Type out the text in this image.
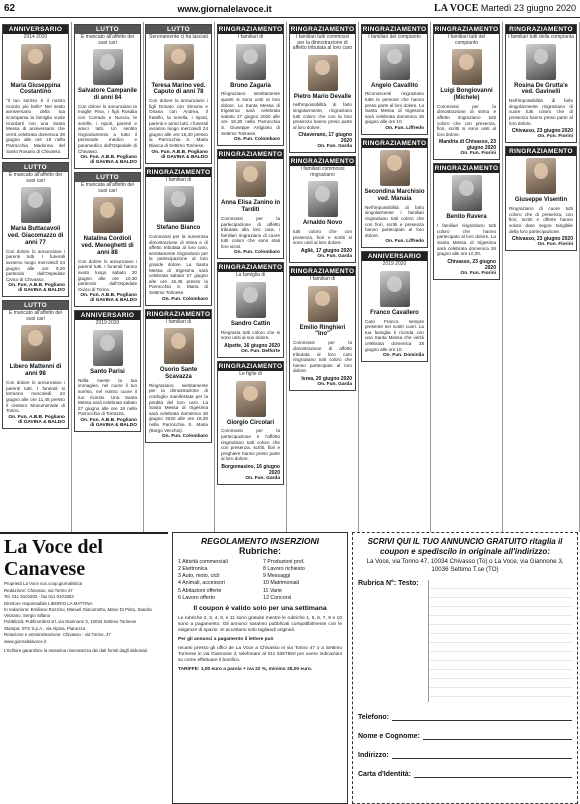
62	www.giornalelavoce.it	LA VOCE Martedì 23 giugno 2020
ANNIVERSARIO
2014 2020
Maria Giuseppina Costantino
"Il tuo sorriso è il nostro ricordo più bello" Nel sesto anniversario della tua scomparsa la famiglia vuole ricordarti con una Santa Messa di anniversario che verrà celebrata domenica 28 giugno alle ore 18 nella Parrocchia Madonna del Santo Rosario di Chivasso.
LUTTO
È mancato all'affetto dei suoi cari
Maria Buttacavoli ved. Giacomazzo di anni 77
Con dolore lo annunciano i parenti tutti. I funerali avranno luogo mercoledì 24 giugno alle ore 9,30 partendo dall'Ospedale Civico di Chivasso.
On. Fun. A.B.B. Pogliano di GAVINA & BALDO
LUTTO
È mancato all'affetto dei suoi cari
Libero Mattenni di anni 98
Con dolore lo annunciano i parenti tutti. I funerali si terranno mercoledì 24 giugno alle ore 11,45 presso il cimitero Monumentale di Torino.
On. Fun. A.B.B. Pogliano di GAVINA & BALDO
LUTTO
È mancato all'affetto dei suoi cari
Salvatore Campanile di anni 84
Con dolore lo annunciano la moglie Pina, i figli Rosalia con Corrado e Nuccia, le sorelle, i nipoti, parenti e amici tutti. Un sentito ringraziamento a tutto il personale medico e paramedico dell'Ospedale di Chivasso.
On. Fun. A.B.B. Pogliano di GAVINA & BALDO
LUTTO
È mancata all'affetto dei suoi cari
Natalina Cordioli ved. Meneghetti di anni 88
Con dolore lo annunciano i parenti tutti. I funerali hanno avuto luogo sabato 20 giugno alle ore 10,30 partendo dall'Ospedale Civico di Torino.
On. Fun. A.B.B. Pogliano di GAVINA & BALDO
ANNIVERSARIO
2019 2020
Santo Parisi
Nella mente la tua immagine, nel cuore il tuo sorriso, nel nostro cuore il tuo ricordo. Una Santa Messa sarà celebrata sabato 27 giugno alle ore 18 nella Parrocchia di Torrazza.
On. Fun. A.B.B. Pogliano di GAVINA & BALDO
LUTTO
Serenamente ci ha lasciati
Teresa Marino ved. Caputo di anni 78
Con dolore lo annunciano i figli Donato con Simona e Oriana con Andrea, il fratello, la sorella, i nipoti, parenti e amici tutti. I funerali avranno luogo mercoledì 24 giugno alle ore 15,30 presso la Parrocchia S. Maria Bianca di Settimo Torinese.
On. Fun. A.B.B. Pogliano di GAVINA & BALDO
RINGRAZIAMENTO
I familiari di
Stefano Bianco
Commossi per la numerosa dimostrazione di stima e di affetto tributata al loro caro, sentitamente ringraziano per la partecipazione al loro grande dolore. La Santa Messa di trigesima sarà celebrata sabato 27 giugno alle ore 15,45 presso la Parrocchia S. Maria di Settimo Torinese.
On. Fun. Colombaro
RINGRAZIAMENTO
I familiari di
Osorio Sante Scavazza
Ringraziano sentitamente per la dimostrazione di cordoglio manifestata per la perdita del loro caro. La Santa Messa di trigesima sarà celebrata domenica 28 giugno 2020 alle ore 18,30 nella Parrocchia S. Maria (Borgo Vecchio).
On. Fun. Colombaro
RINGRAZIAMENTO
I familiari di
Bruno Zagaria
Ringraziano sentitamente quanti si sono uniti al loro dolore. La Santa Messa di trigesima sarà celebrata sabato 27 giugno 2020 alle ore 18,30 nella Parrocchia S. Giuseppe Artigiano di Settimo Torinese.
On. Fun. Colombaro
RINGRAZIAMENTO
Anna Elisa Zanino in Tarditi
Commossi per la partecipazione di affetto tributata alla loro cara, i familiari ringraziano di cuore tutti coloro che sono stati loro vicini.
On. Fun. Colombaro
RINGRAZIAMENTO
La famiglia di
Sandro Cattin
Ringrazia tutti coloro che si sono uniti al suo dolore.
Alpette, 16 giugno 2020
On. Fun. Delforte
RINGRAZIAMENTO
Le figlie di
Giorgio Circolari
Commossi per la partecipazione e l'affetto ringraziano tutti coloro che con presenza, scritti, fiori e preghiere hanno preso parte al loro dolore.
Borgomasino, 16 giugno 2020
On. Fun. Garda
RINGRAZIAMENTO
I familiari tutti commossi per la dimostrazione di affetto tributata al loro caro
Pietro Mario Devalle
nell'impossibilità di farlo singolarmente, ringraziano tutti coloro che con la loro presenza hanno preso parte al loro dolore.
Chiaverano, 17 giugno 2020
On. Fun. Garda
RINGRAZIAMENTO
I familiari commossi ringraziano
Arnaldo Novo
tutti coloro che con presenza, fiori e scritti si sono uniti al loro dolore.
Agliè, 17 giugno 2020
On. Fun. Garda
RINGRAZIAMENTO
I familiari di
Emilio Ringhieri "Ino"
Commossi per la dimostrazione di affetto tributata al loro caro ringraziano tutti coloro che hanno partecipato al loro dolore.
Ivrea, 20 giugno 2020
On. Fun. Garda
RINGRAZIAMENTO
I familiari del compianto
Angelo Cavallito
Riconoscenti ringraziano tutte le persone che hanno preso parte al loro dolore. La Santa Messa di trigesima sarà celebrata domenica 28 giugno alle ore 10.
On. Fun. Liffredo
RINGRAZIAMENTO
Secondina Marchisio ved. Manaia
Nell'impossibilità di farlo singolarmente i familiari ringraziano tutti coloro che con fiori, scritti e presenza hanno partecipato al loro dolore.
On. Fun. Liffredo
ANNIVERSARIO
2019 2020
Franco Cavallero
Caro Franco, sempre presente nei nostri cuori. La tua famiglia ti ricorda con una Santa Messa che verrà celebrata domenica 28 giugno alle ore 10.
On. Fun. Dominila
RINGRAZIAMENTO
I familiari tutti del compianto
Luigi Bongiovanni (Michele)
Commossi per la dimostrazione di stima e affetto ringraziano tutti coloro che con presenza, fiori, scritti si sono uniti al loro dolore.
Mandria di Chivasso, 23 giugno 2020
On. Fun. Fiorini
RINGRAZIAMENTO
Benito Ravera
I familiari ringraziano tutti coloro che hanno partecipato al loro dolore. La Santa Messa di trigesima sarà celebrata domenica 28 giugno alle ore 10,30.
Chivasso, 23 giugno 2020
On. Fun. Fiorini
RINGRAZIAMENTO
I familiari tutti della compianta
Rosina De Grutta'e ved. Gavinelli
Nell'impossibilità di farlo singolarmente ringraziano di cuore tutti coloro che di presenza hanno preso parte al loro dolore.
Chivasso, 23 giugno 2020
On. Fun. Fiorini
RINGRAZIAMENTO
Giuseppe Visentin
Ringraziano di cuore tutti coloro che di presenza, con fiori, scritti e offerte hanno voluto dare segno tangibile della loro partecipazione.
Chivasso, 23 giugno 2020
On. Fun. Fiorini
La Voce del Canavese
Proprietà La Voce soc.coop.giornalistica
Redazione: Chivasso, via Torino 47
Tel. 011 9101802 - fax 011 9101803
Direttore responsabile LIBORIO LA MATTINA
In redazione: Emiliano Rozzino, Manuel Giacometto, Mario Di Pinto, Sandra Veiziano, Sergio Sillano
Pubblicità: Publinordest srl, via Giannone 3, 10034 Settimo Torinese
Stampa: STS S.p.A., via Alpina, Pianezza
Relazione e amministrazione: Chivasso - via Torino, 47
www.giornalelavoce.it
L'Editore garantisce la massima riservatezza dei dati forniti dagli abbonati.
REGOLAMENTO INSERZIONI
Rubriche:
1 Attività commerciali
2 Elettronica
3 Auto, moto, cicli
4 Animali, accessori
5 Abitazioni offerte
6 Lavoro offerto
7 Produzioni prof.
8 Lavoro richiesto
9 Messaggi
10 Matrimoniali
11 Varie
12 Concorsi
Il coupon è valido solo per una settimana
Le rubriche 2, 3, 4, 8, e 11 sono gratuite mentre le rubriche 1, 5, 6, 7, 9 e 10 sono a pagamento. Gli annunci saranno pubblicati compatibilmente con le esigenze di spazio. Si accettano solo tagliandi originali.
Per gli annunci a pagamento il lettore può
recarsi presso gli uffici de La Voce a Chivasso in via Torino 47 o a Settimo Torinese in via Giannone 3, telefonare al 011 5367550 per avere indicazioni su come effettuare il bonifico.
TARIFFE: 1,00 euro a parola + iva 22 %, minimo 25,00 euro.
SCRIVI QUI IL TUO ANNUNCIO GRATUITO ritaglia il coupon e spediscilo in originale all'indirizzo:
La Voce, via Torino 47, 10034 Chivasso (To) o La Voce, via Giannone 3, 10036 Settimo T.se (TO)
Rubrica N°: Testo:
Telefono:
Nome e Cognome:
Indirizzo:
Carta d'Identità:
